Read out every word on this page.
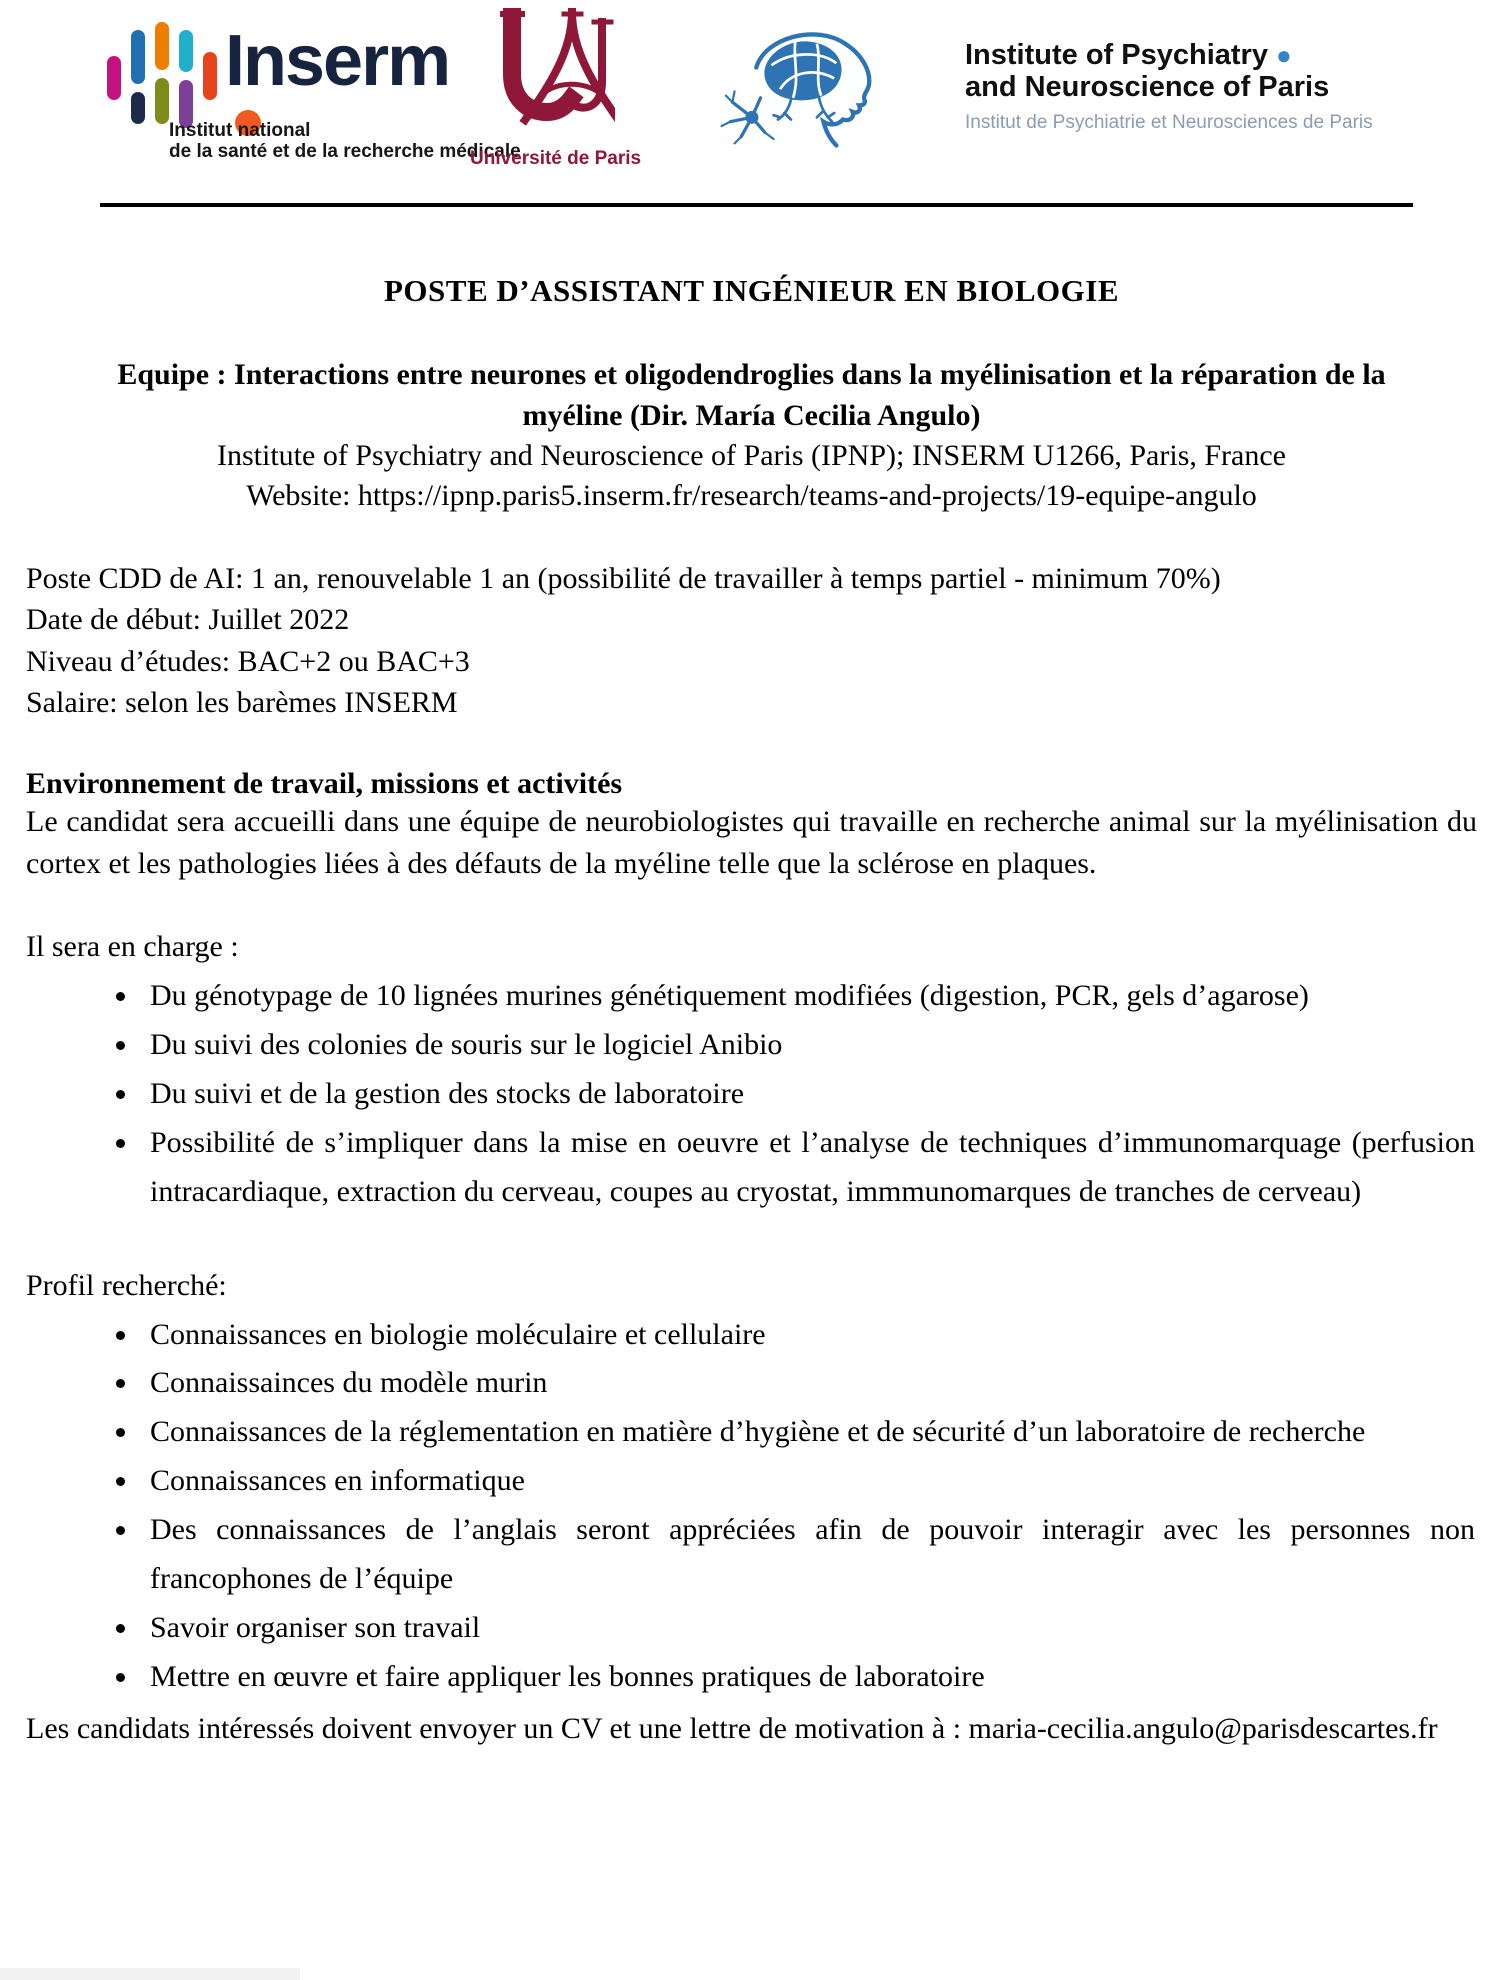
Inserm
Institut national
de la santé et de la recherche médicale
Université de Paris
Institute of Psychiatry ●
and Neuroscience of Paris
Institut de Psychiatrie et Neurosciences de Paris
POSTE D’ASSISTANT INGÉNIEUR EN BIOLOGIE
Equipe : Interactions entre neurones et oligodendroglies dans la myélinisation et la réparation de la myéline (Dir. María Cecilia Angulo)
Institute of Psychiatry and Neuroscience of Paris (IPNP); INSERM U1266, Paris, France
Website: https://ipnp.paris5.inserm.fr/research/teams-and-projects/19-equipe-angulo
Poste CDD de AI: 1 an, renouvelable 1 an (possibilité de travailler à temps partiel - minimum 70%)
Date de début: Juillet 2022
Niveau d’études: BAC+2 ou BAC+3
Salaire: selon les barèmes INSERM
Environnement de travail, missions et activités
Le candidat sera accueilli dans une équipe de neurobiologistes qui travaille en recherche animal sur la myélinisation du cortex et les pathologies liées à des défauts de la myéline telle que la sclérose en plaques.
Il sera en charge :
• Du génotypage de 10 lignées murines génétiquement modifiées (digestion, PCR, gels d’agarose)
• Du suivi des colonies de souris sur le logiciel Anibio
• Du suivi et de la gestion des stocks de laboratoire
• Possibilité de s’impliquer dans la mise en oeuvre et l’analyse de techniques d’immunomarquage (perfusion intracardiaque, extraction du cerveau, coupes au cryostat, immmunomarques de tranches de cerveau)
Profil recherché:
• Connaissances en biologie moléculaire et cellulaire
• Connaissainces du modèle murin
• Connaissances de la réglementation en matière d’hygiène et de sécurité d’un laboratoire de recherche
• Connaissances en informatique
• Des connaissances de l’anglais seront appréciées afin de pouvoir interagir avec les personnes non francophones de l’équipe
• Savoir organiser son travail
• Mettre en œuvre et faire appliquer les bonnes pratiques de laboratoire
Les candidats intéressés doivent envoyer un CV et une lettre de motivation à : maria-cecilia.angulo@parisdescartes.fr
